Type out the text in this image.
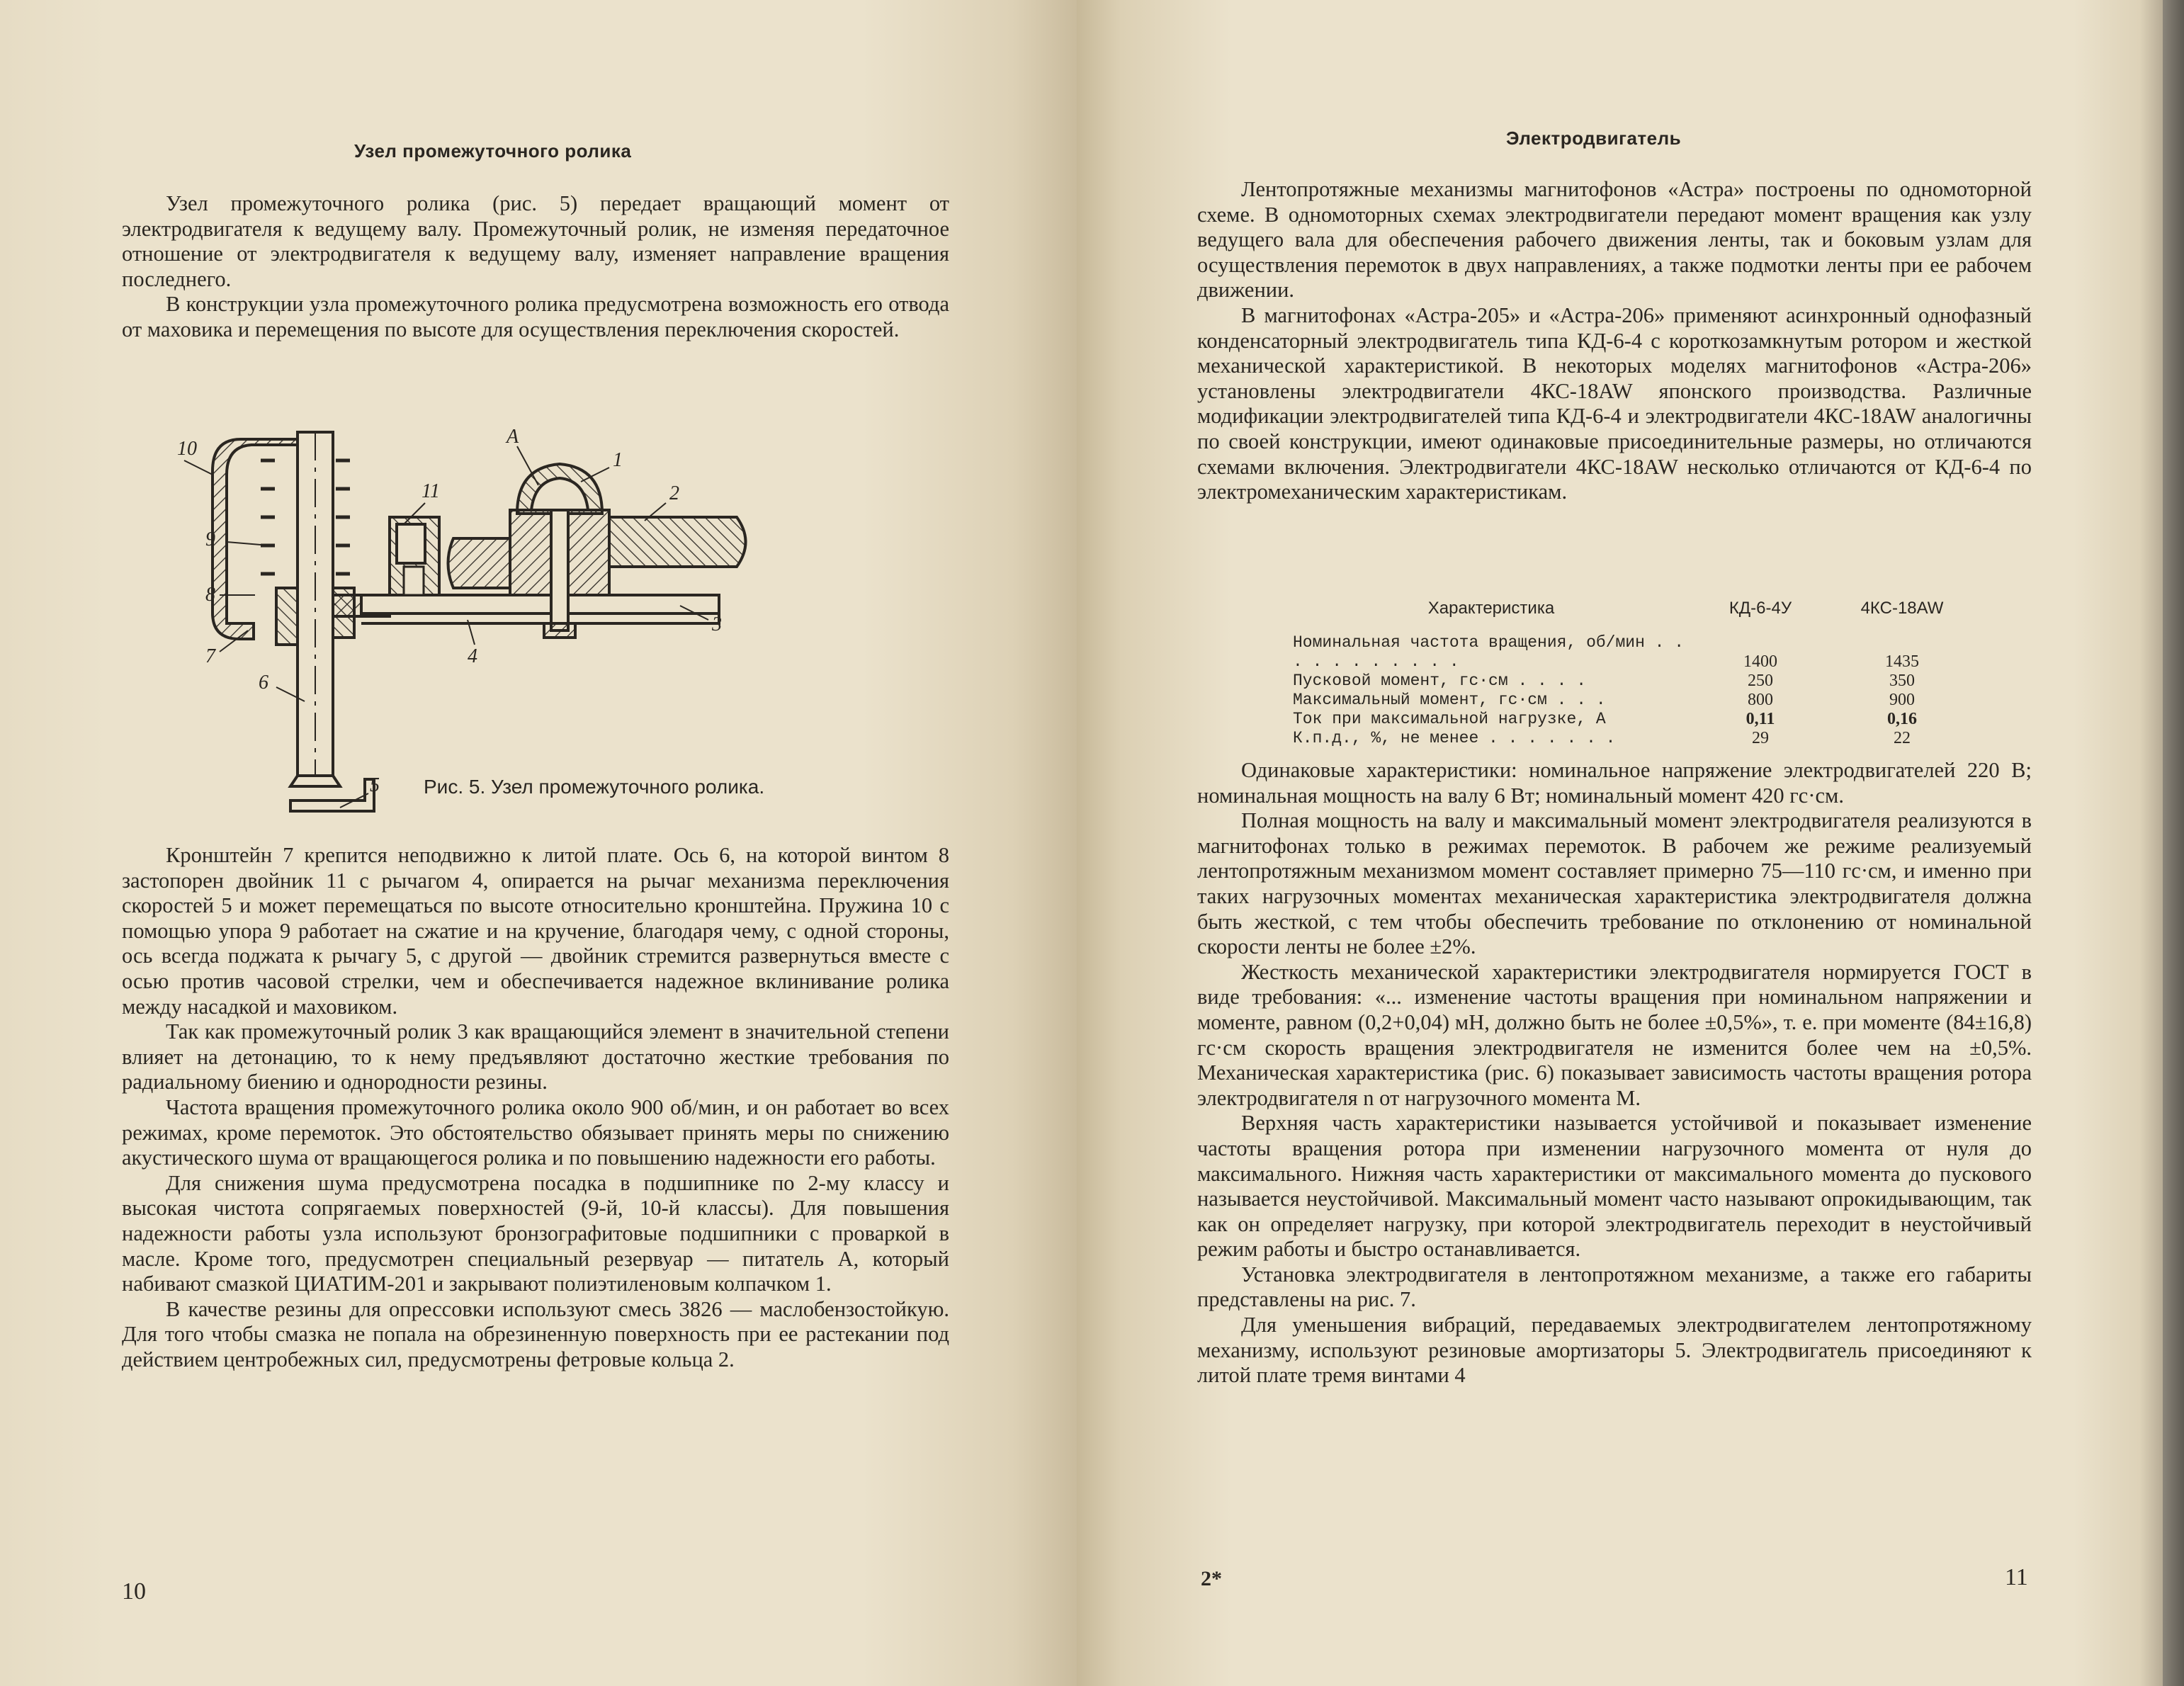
Узел промежуточного ролика

Узел промежуточного ролика (рис. 5) передает вращающий момент от электродвигателя к ведущему валу. Промежуточный ролик, не изменяя передаточное отношение от электродвигателя к ведущему валу, изменяет направление вращения последнего.

В конструкции узла промежуточного ролика предусмотрена возможность его отвода от маховика и перемещения по высоте для осуществления переключения скоростей.

10
9
8
7
6
5
11
А
1
2
3
4
Рис. 5. Узел промежуточного ролика.

Кронштейн 7 крепится неподвижно к литой плате. Ось 6, на которой винтом 8 застопорен двойник 11 с рычагом 4, опирается на рычаг механизма переключения скоростей 5 и может перемещаться по высоте относительно кронштейна. Пружина 10 с помощью упора 9 работает на сжатие и на кручение, благодаря чему, с одной стороны, ось всегда поджата к рычагу 5, с другой — двойник стремится развернуться вместе с осью против часовой стрелки, чем и обеспечивается надежное вклинивание ролика между насадкой и маховиком.

Так как промежуточный ролик 3 как вращающийся элемент в значительной степени влияет на детонацию, то к нему предъявляют достаточно жесткие требования по радиальному биению и однородности резины.

Частота вращения промежуточного ролика около 900 об/мин, и он работает во всех режимах, кроме перемоток. Это обстоятельство обязывает принять меры по снижению акустического шума от вращающегося ролика и по повышению надежности его работы.

Для снижения шума предусмотрена посадка в подшипнике по 2-му классу и высокая чистота сопрягаемых поверхностей (9-й, 10-й классы). Для повышения надежности работы узла используют бронзографитовые подшипники с проваркой в масле. Кроме того, предусмотрен специальный резервуар — питатель А, который набивают смазкой ЦИАТИМ-201 и закрывают полиэтиленовым колпачком 1.

В качестве резины для опрессовки используют смесь 3826 — маслобензостойкую. Для того чтобы смазка не попала на обрезиненную поверхность при ее растекании под действием центробежных сил, предусмотрены фетровые кольца 2.

10
Электродвигатель

Лентопротяжные механизмы магнитофонов «Астра» построены по одномоторной схеме. В одномоторных схемах электродвигатели передают момент вращения как узлу ведущего вала для обеспечения рабочего движения ленты, так и боковым узлам для осуществления перемоток в двух направлениях, а также подмотки ленты при ее рабочем движении.

В магнитофонах «Астра-205» и «Астра-206» применяют асинхронный однофазный конденсаторный электродвигатель типа КД-6-4 с короткозамкнутым ротором и жесткой механической характеристикой. В некоторых моделях магнитофонов «Астра-206» установлены электродвигатели 4КС-18AW японского производства. Различные модификации электродвигателей типа КД-6-4 и электродвигатели 4КС-18AW аналогичны по своей конструкции, имеют одинаковые присоединительные размеры, но отличаются схемами включения. Электродвигатели 4КС-18AW несколько отличаются от КД-6-4 по электромеханическим характеристикам.

Характеристика	КД-6-4У	4КС-18AW
Номинальная частота вращения, об/мин . . . . . . . . . . .	1400	1435
Пусковой момент, гс·см . . . .	250	350
Максимальный момент, гс·см . . .	800	900
Ток при максимальной нагрузке, А	0,11	0,16
К.п.д., %, не менее . . . . . . .	29	22

Одинаковые характеристики: номинальное напряжение электродвигателей 220 В; номинальная мощность на валу 6 Вт; номинальный момент 420 гс·см.

Полная мощность на валу и максимальный момент электродвигателя реализуются в магнитофонах только в режимах перемоток. В рабочем же режиме реализуемый лентопротяжным механизмом момент составляет примерно 75—110 гс·см, и именно при таких нагрузочных моментах механическая характеристика электродвигателя должна быть жесткой, с тем чтобы обеспечить требование по отклонению от номинальной скорости ленты не более ±2%.

Жесткость механической характеристики электродвигателя нормируется ГОСТ в виде требования: «... изменение частоты вращения при номинальном напряжении и моменте, равном (0,2+0,04) мН, должно быть не более ±0,5%», т. е. при моменте (84±16,8) гс·см скорость вращения электродвигателя не изменится более чем на ±0,5%. Механическая характеристика (рис. 6) показывает зависимость частоты вращения ротора электродвигателя n от нагрузочного момента М.

Верхняя часть характеристики называется устойчивой и показывает изменение частоты вращения ротора при изменении нагрузочного момента от нуля до максимального. Нижняя часть характеристики от максимального момента до пускового называется неустойчивой. Максимальный момент часто называют опрокидывающим, так как он определяет нагрузку, при которой электродвигатель переходит в неустойчивый режим работы и быстро останавливается.

Установка электродвигателя в лентопротяжном механизме, а также его габариты представлены на рис. 7.

Для уменьшения вибраций, передаваемых электродвигателем лентопротяжному механизму, используют резиновые амортизаторы 5. Электродвигатель присоединяют к литой плате тремя винтами 4

2*	11
